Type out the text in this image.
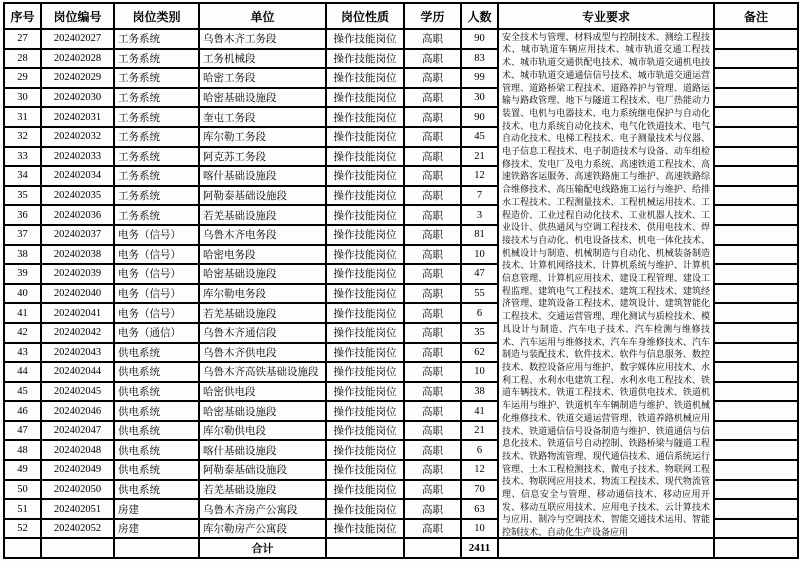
序号	岗位编号	岗位类别	单位	岗位性质	学历	人数	专业要求	备注
27	202402027	工务系统	乌鲁木齐工务段	操作技能岗位	高职	90	安全技术与管理、材料成型与控制技术、测绘工程技术、城市轨道车辆应用技术、城市轨道交通工程技术、城市轨道交通供配电技术、城市轨道交通机电技术、城市轨道交通通信信号技术、城市轨道交通运营管理、道路桥梁工程技术、道路养护与管理、道路运输与路政管理、地下与隧道工程技术、电厂热能动力装置、电机与电器技术、电力系统继电保护与自动化技术、电力系统自动化技术、电气化铁道技术、电气自动化技术、电梯工程技术、电子测量技术与仪器、电子信息工程技术、电子制造技术与设备、动车组检修技术、发电厂及电力系统、高速铁道工程技术、高速铁路客运服务、高速铁路施工与维护、高速铁路综合维修技术、高压输配电线路施工运行与维护、给排水工程技术、工程测量技术、工程机械运用技术、工程造价、工业过程自动化技术、工业机器人技术、工业设计、供热通风与空调工程技术、供用电技术、焊接技术与自动化、机电设备技术、机电一体化技术、机械设计与制造、机械制造与自动化、机械装备制造技术、计算机网络技术、计算机系统与维护、计算机信息管理、计算机应用技术、建设工程管理、建设工程监理、建筑电气工程技术、建筑工程技术、建筑经济管理、建筑设备工程技术、建筑设计、建筑智能化工程技术、交通运营管理、理化测试与质检技术、模具设计与制造、汽车电子技术、汽车检测与维修技术、汽车运用与维修技术、汽车车身维修技术、汽车制造与装配技术、软件技术、软件与信息服务、数控技术、数控设备应用与维护、数字媒体应用技术、水利工程、水利水电建筑工程、水利水电工程技术、铁道车辆技术、铁道工程技术、铁道供电技术、铁道机车运用与维护、铁道机车车辆制造与维护、铁道机械化维修技术、铁道交通运营管理、铁道养路机械应用技术、铁道通信信号设备制造与维护、铁道通信与信息化技术、铁道信号自动控制、铁路桥梁与隧道工程技术、铁路物流管理、现代通信技术、通信系统运行管理、土木工程检测技术、微电子技术、物联网工程技术、物联网应用技术、物流工程技术、现代物流管理、信息安全与管理、移动通信技术、移动应用开发、移动互联应用技术、应用电子技术、云计算技术与应用、制冷与空调技术、智能交通技术运用、智能控制技术、自动化生产设备应用	

28	202402028	工务系统	工务机械段	操作技能岗位	高职	83		
29	202402029	工务系统	哈密工务段	操作技能岗位	高职	99		
30	202402030	工务系统	哈密基础设施段	操作技能岗位	高职	30		
31	202402031	工务系统	奎屯工务段	操作技能岗位	高职	90		
32	202402032	工务系统	库尔勒工务段	操作技能岗位	高职	45		
33	202402033	工务系统	阿克苏工务段	操作技能岗位	高职	21		
34	202402034	工务系统	喀什基础设施段	操作技能岗位	高职	12		
35	202402035	工务系统	阿勒泰基础设施段	操作技能岗位	高职	7		
36	202402036	工务系统	若羌基础设施段	操作技能岗位	高职	3		
37	202402037	电务（信号）	乌鲁木齐电务段	操作技能岗位	高职	81		
38	202402038	电务（信号）	哈密电务段	操作技能岗位	高职	10		
39	202402039	电务（信号）	哈密基础设施段	操作技能岗位	高职	47		
40	202402040	电务（信号）	库尔勒电务段	操作技能岗位	高职	55		
41	202402041	电务（信号）	若羌基础设施段	操作技能岗位	高职	6		
42	202402042	电务（通信）	乌鲁木齐通信段	操作技能岗位	高职	35		
43	202402043	供电系统	乌鲁木齐供电段	操作技能岗位	高职	62		
44	202402044	供电系统	乌鲁木齐高铁基础设施段	操作技能岗位	高职	10		
45	202402045	供电系统	哈密供电段	操作技能岗位	高职	38		
46	202402046	供电系统	哈密基础设施段	操作技能岗位	高职	41		
47	202402047	供电系统	库尔勒供电段	操作技能岗位	高职	21		
48	202402048	供电系统	喀什基础设施段	操作技能岗位	高职	6		
49	202402049	供电系统	阿勒泰基础设施段	操作技能岗位	高职	12		
50	202402050	供电系统	若羌基础设施段	操作技能岗位	高职	70		
51	202402051	房建	乌鲁木齐房产公寓段	操作技能岗位	高职	63		
52	202402052	房建	库尔勒房产公寓段	操作技能岗位	高职	10		
			合计			2411		
